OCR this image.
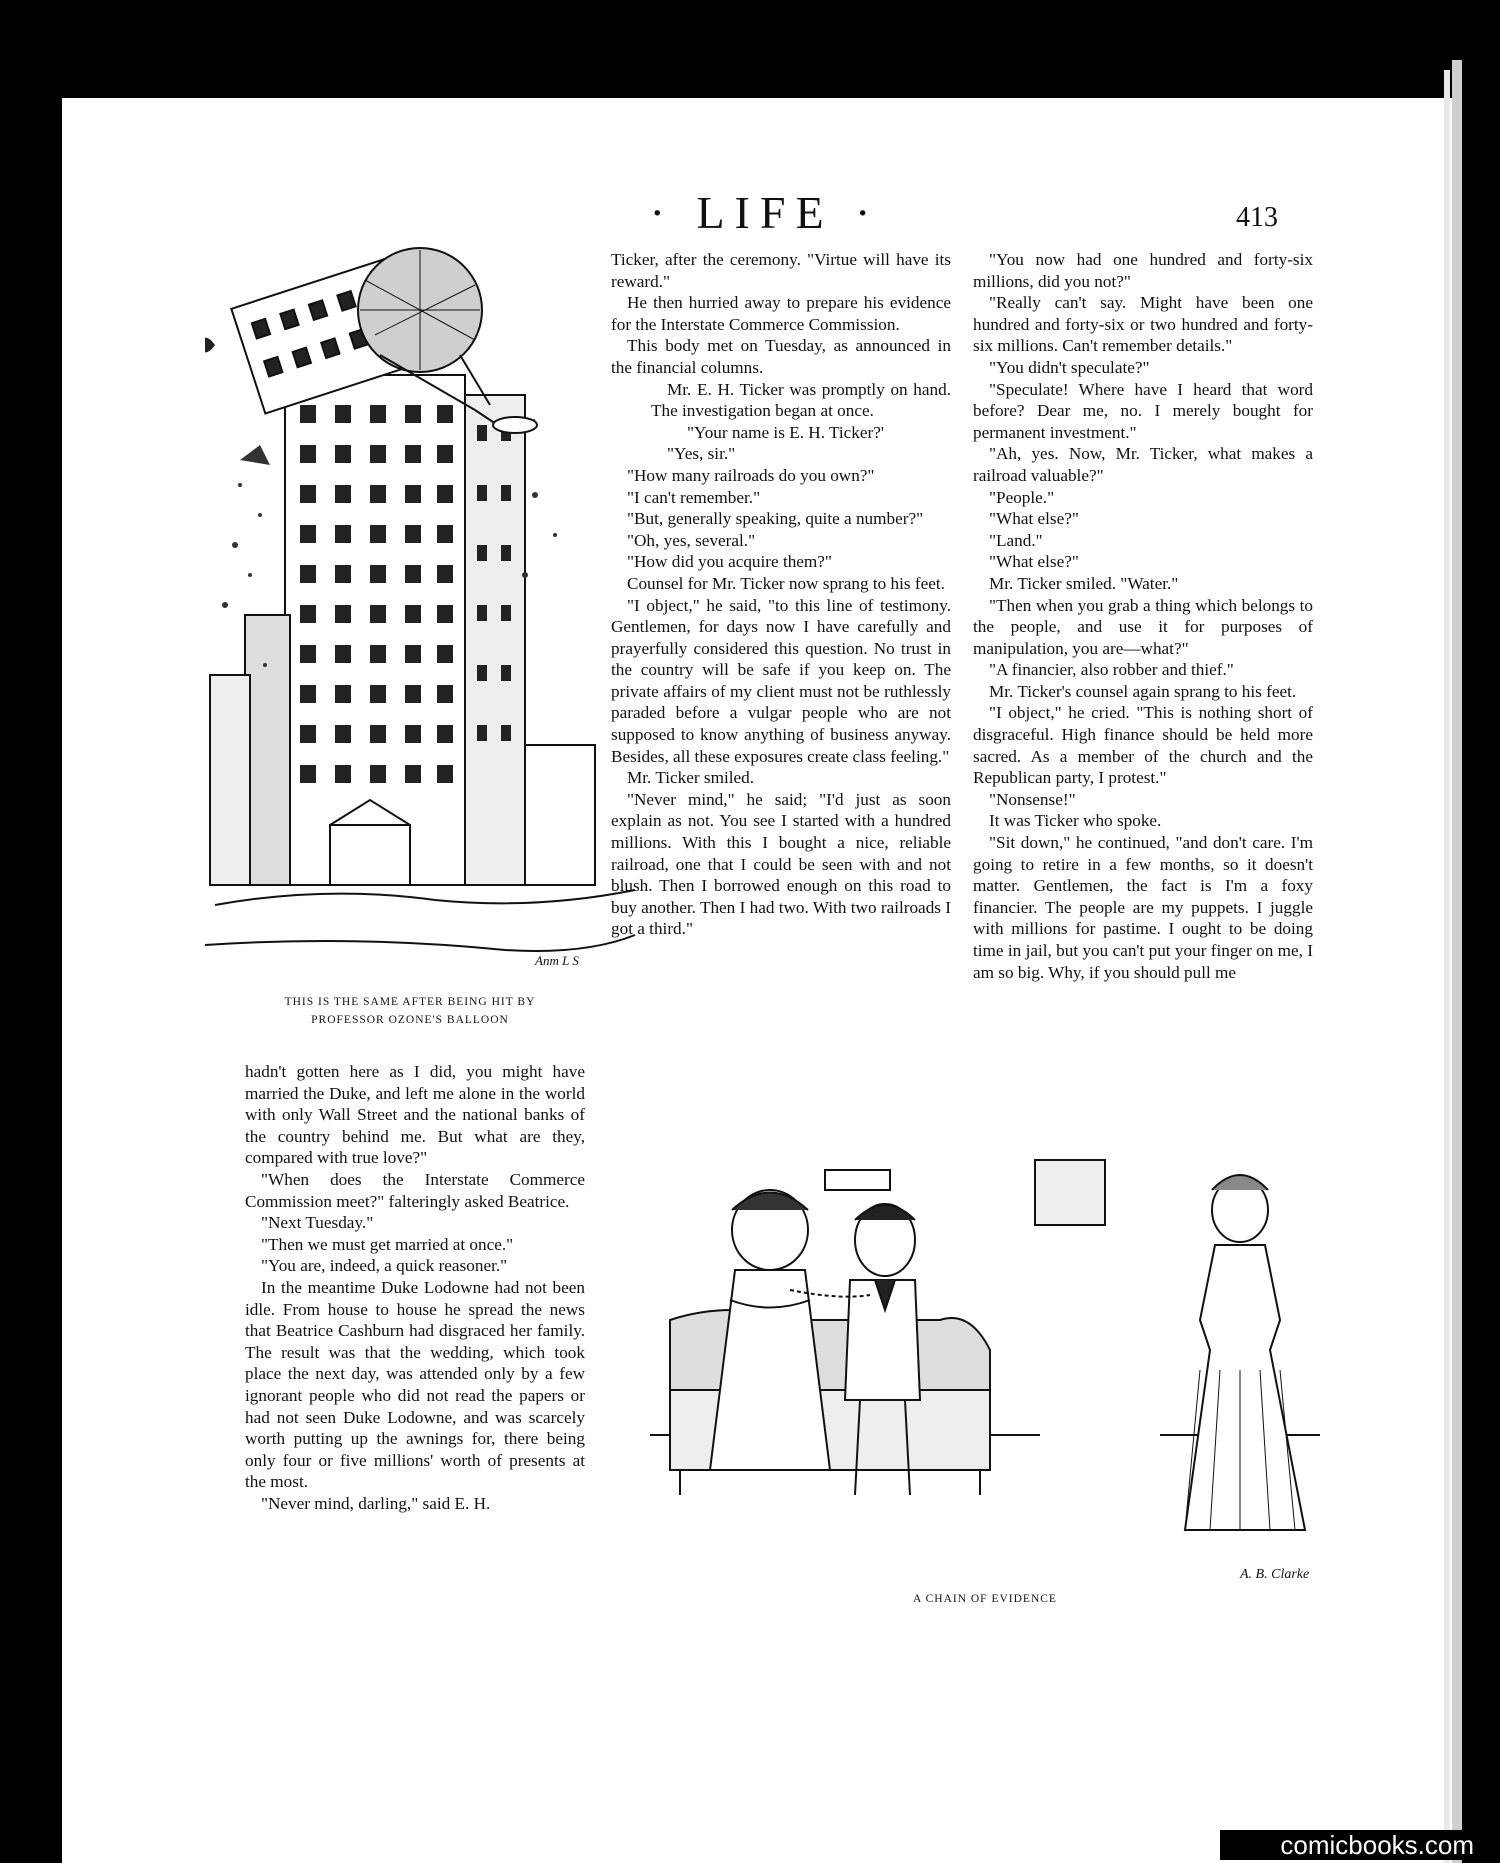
· LIFE ·	413
Anm L S
THIS IS THE SAME AFTER BEING HIT BY
PROFESSOR OZONE'S BALLOON

hadn't gotten here as I did, you might have married the Duke, and left me alone in the world with only Wall Street and the national banks of the country behind me. But what are they, compared with true love?"

"When does the Interstate Commerce Commission meet?" falteringly asked Beatrice.

"Next Tuesday."

"Then we must get married at once."

"You are, indeed, a quick reasoner."

In the meantime Duke Lodowne had not been idle. From house to house he spread the news that Beatrice Cashburn had disgraced her family. The result was that the wedding, which took place the next day, was attended only by a few ignorant people who did not read the papers or had not seen Duke Lodowne, and was scarcely worth putting up the awnings for, there being only four or five millions' worth of presents at the most.

"Never mind, darling," said E. H.

Ticker, after the ceremony. "Virtue will have its reward."

He then hurried away to prepare his evidence for the Interstate Commerce Commission.

This body met on Tuesday, as announced in the financial columns.

Mr. E. H. Ticker was promptly on hand. The investigation began at once.

"Your name is E. H. Ticker?'

"Yes, sir."

"How many railroads do you own?"

"I can't remember."

"But, generally speaking, quite a number?"

"Oh, yes, several."

"How did you acquire them?"

Counsel for Mr. Ticker now sprang to his feet.

"I object," he said, "to this line of testimony. Gentlemen, for days now I have carefully and prayerfully considered this question. No trust in the country will be safe if you keep on. The private affairs of my client must not be ruthlessly paraded before a vulgar people who are not supposed to know anything of business anyway. Besides, all these exposures create class feeling."

Mr. Ticker smiled.

"Never mind," he said; "I'd just as soon explain as not. You see I started with a hundred millions. With this I bought a nice, reliable railroad, one that I could be seen with and not blush. Then I borrowed enough on this road to buy another. Then I had two. With two railroads I got a third."

"You now had one hundred and forty-six millions, did you not?"

"Really can't say. Might have been one hundred and forty-six or two hundred and forty-six millions. Can't remember details."

"You didn't speculate?"

"Speculate! Where have I heard that word before? Dear me, no. I merely bought for permanent investment."

"Ah, yes. Now, Mr. Ticker, what makes a railroad valuable?"

"People."

"What else?"

"Land."

"What else?"

Mr. Ticker smiled. "Water."

"Then when you grab a thing which belongs to the people, and use it for purposes of manipulation, you are—what?"

"A financier, also robber and thief."

Mr. Ticker's counsel again sprang to his feet.

"I object," he cried. "This is nothing short of disgraceful. High finance should be held more sacred. As a member of the church and the Republican party, I protest."

"Nonsense!"

It was Ticker who spoke.

"Sit down," he continued, "and don't care. I'm going to retire in a few months, so it doesn't matter. Gentlemen, the fact is I'm a foxy financier. The people are my puppets. I juggle with millions for pastime. I ought to be doing time in jail, but you can't put your finger on me, I am so big. Why, if you should pull me

A. B. Clarke
A CHAIN OF EVIDENCE
comicbooks.com
